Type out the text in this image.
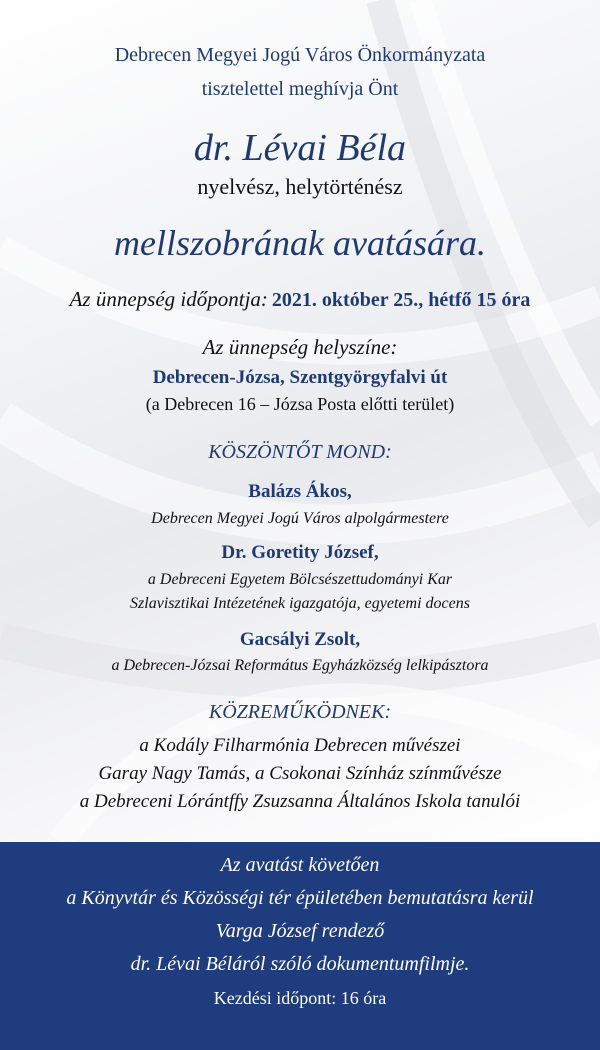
Debrecen Megyei Jogú Város Önkormányzata
tisztelettel meghívja Önt
dr. Lévai Béla
nyelvész, helytörténész
mellszobrának avatására.
Az ünnepség időpontja: 2021. október 25., hétfő 15 óra
Az ünnepség helyszíne:
Debrecen-Józsa, Szentgyörgyfalvi út
(a Debrecen 16 – Józsa Posta előtti terület)
KÖSZÖNTŐT MOND:
Balázs Ákos,
Debrecen Megyei Jogú Város alpolgármestere
Dr. Goretity József,
a Debreceni Egyetem Bölcsészettudományi Kar
Szlavisztikai Intézetének igazgatója, egyetemi docens
Gacsályi Zsolt,
a Debrecen-Józsai Református Egyházközség lelkipásztora
KÖZREMŰKÖDNEK:
a Kodály Filharmónia Debrecen művészei
Garay Nagy Tamás, a Csokonai Színház színművésze
a Debreceni Lórántffy Zsuzsanna Általános Iskola tanulói
Az avatást követően
a Könyvtár és Közösségi tér épületében bemutatásra kerül
Varga József rendező
dr. Lévai Béláról szóló dokumentumfilmje.
Kezdési időpont: 16 óra
